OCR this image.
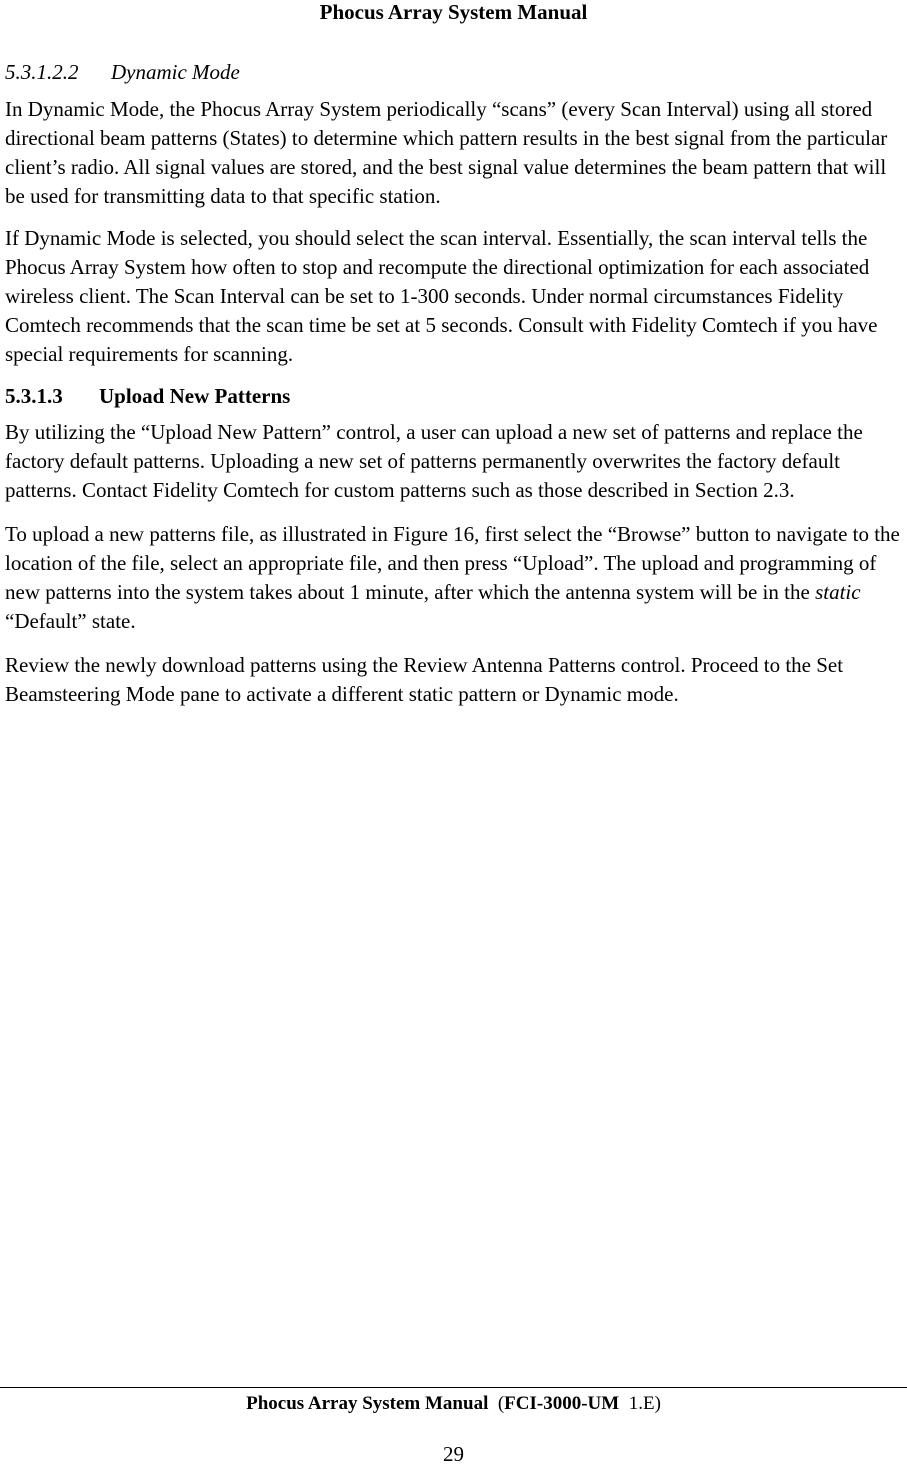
Phocus Array System Manual
5.3.1.2.2 Dynamic Mode

In Dynamic Mode, the Phocus Array System periodically “scans” (every Scan Interval) using all stored directional beam patterns (States) to determine which pattern results in the best signal from the particular client’s radio. All signal values are stored, and the best signal value determines the beam pattern that will be used for transmitting data to that specific station.

If Dynamic Mode is selected, you should select the scan interval. Essentially, the scan interval tells the Phocus Array System how often to stop and recompute the directional optimization for each associated wireless client. The Scan Interval can be set to 1-300 seconds. Under normal circumstances Fidelity Comtech recommends that the scan time be set at 5 seconds. Consult with Fidelity Comtech if you have special requirements for scanning.

5.3.1.3 Upload New Patterns

By utilizing the “Upload New Pattern” control, a user can upload a new set of patterns and replace the factory default patterns. Uploading a new set of patterns permanently overwrites the factory default patterns. Contact Fidelity Comtech for custom patterns such as those described in Section 2.3.

To upload a new patterns file, as illustrated in Figure 16, first select the “Browse” button to navigate to the location of the file, select an appropriate file, and then press “Upload”. The upload and programming of new patterns into the system takes about 1 minute, after which the antenna system will be in the static “Default” state.

Review the newly download patterns using the Review Antenna Patterns control. Proceed to the Set Beamsteering Mode pane to activate a different static pattern or Dynamic mode.

Phocus Array System Manual  (FCI-3000-UM 1.E)
29
